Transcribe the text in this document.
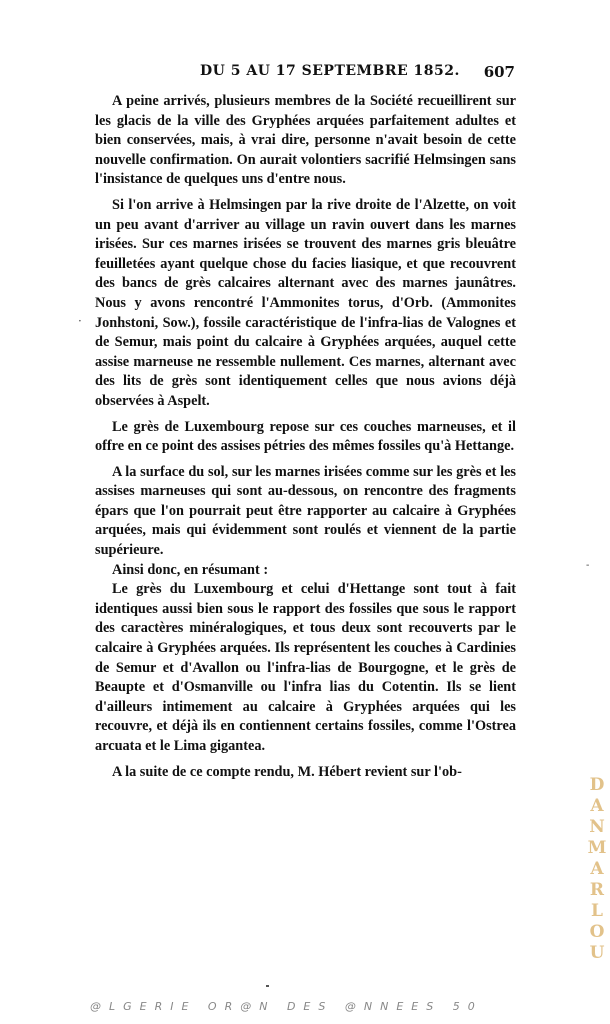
DU 5 AU 17 SEPTEMBRE 1852. 607

A peine arrivés, plusieurs membres de la Société recueillirent sur les glacis de la ville des Gryphées arquées parfaitement adultes et bien conservées, mais, à vrai dire, personne n'avait besoin de cette nouvelle confirmation. On aurait volontiers sacrifié Helmsingen sans l'insistance de quelques uns d'entre nous.

Si l'on arrive à Helmsingen par la rive droite de l'Alzette, on voit un peu avant d'arriver au village un ravin ouvert dans les marnes irisées. Sur ces marnes irisées se trouvent des marnes gris bleuâtre feuilletées ayant quelque chose du facies liasique, et que recouvrent des bancs de grès calcaires alternant avec des marnes jaunâtres. Nous y avons rencontré l'Ammonites torus, d'Orb. (Ammonites Jonhstoni, Sow.), fossile caractéristique de l'infra-lias de Valognes et de Semur, mais point du calcaire à Gryphées arquées, auquel cette assise marneuse ne ressemble nullement. Ces marnes, alternant avec des lits de grès sont identiquement celles que nous avions déjà observées à Aspelt.

Le grès de Luxembourg repose sur ces couches marneuses, et il offre en ce point des assises pétries des mêmes fossiles qu'à Hettange.

A la surface du sol, sur les marnes irisées comme sur les grès et les assises marneuses qui sont au-dessous, on rencontre des fragments épars que l'on pourrait peut être rapporter au calcaire à Gryphées arquées, mais qui évidemment sont roulés et viennent de la partie supérieure.

Ainsi donc, en résumant :

Le grès du Luxembourg et celui d'Hettange sont tout à fait identiques aussi bien sous le rapport des fossiles que sous le rapport des caractères minéralogiques, et tous deux sont recouverts par le calcaire à Gryphées arquées. Ils représentent les couches à Cardinies de Semur et d'Avallon ou l'infra-lias de Bourgogne, et le grès de Beaupte et d'Osmanville ou l'infra lias du Cotentin. Ils se lient d'ailleurs intimement au calcaire à Gryphées arquées qui les recouvre, et déjà ils en contiennent certains fossiles, comme l'Ostrea arcuata et le Lima gigantea.

A la suite de ce compte rendu, M. Hébert revient sur l'ob-

·
-
D
A
N
M
A
R
L
O
U
@LGERIE OR@N DES @NNEES 50
